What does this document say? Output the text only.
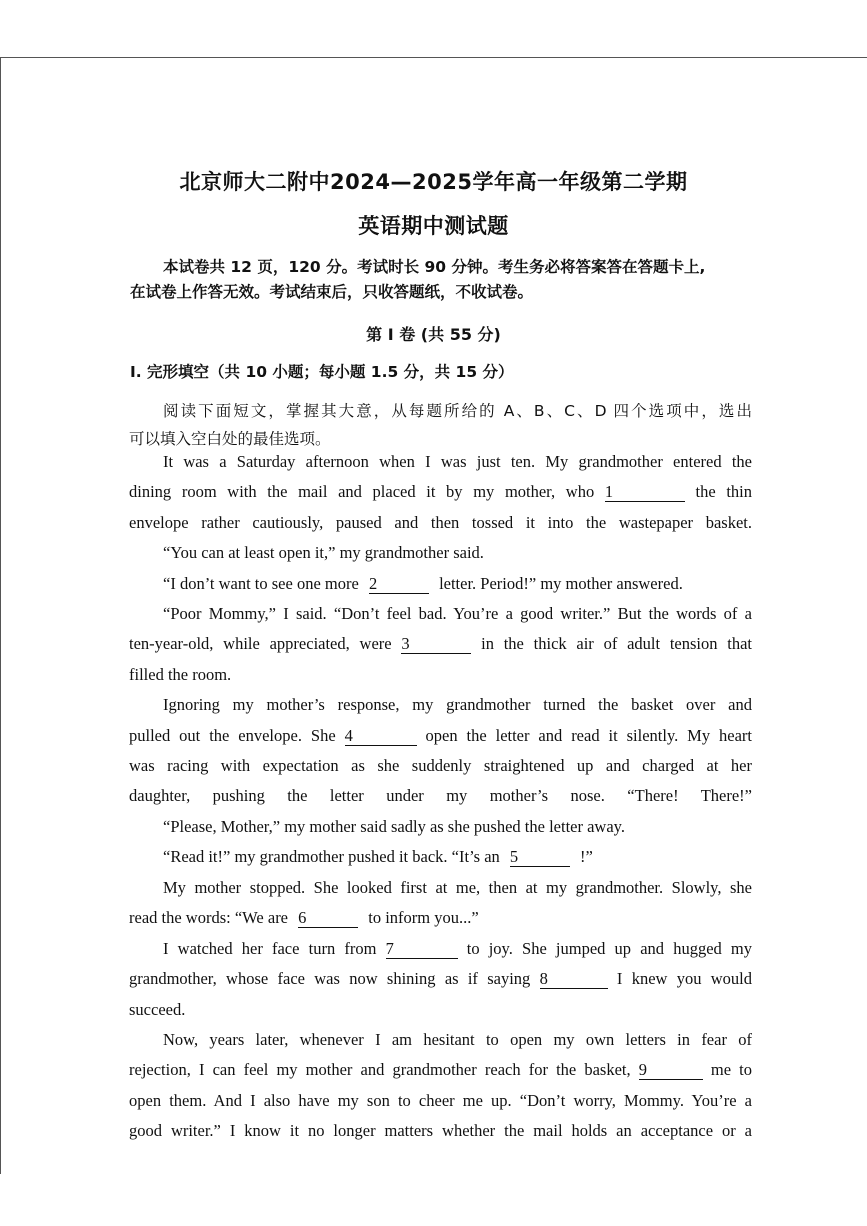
北京师大二附中2024—2025学年高一年级第二学期
英语期中测试题
本试卷共 12 页，120 分。考试时长 90 分钟。考生务必将答案答在答题卡上,
在试卷上作答无效。考试结束后，只收答题纸，不收试卷。
第 Ⅰ 卷 (共 55 分)
I. 完形填空（共 10 小题；每小题 1.5 分，共 15 分）
阅读下面短文，掌握其大意，从每题所给的 A、B、C、D 四个选项中，选出
可以填入空白处的最佳选项。
It was a Saturday afternoon when I was just ten. My grandmother entered the
dining room with the mail and placed it by my mother, who 1	the thin
envelope rather cautiously, paused and then tossed it into the wastepaper basket.
“You can at least open it,” my grandmother said.
“I don’t want to see one more 2	letter. Period!” my mother answered.
“Poor Mommy,” I said. “Don’t feel bad. You’re a good writer.” But the words of a
ten-year-old, while appreciated, were 3	in the thick air of adult tension that
filled the room.
Ignoring my mother’s response, my grandmother turned the basket over and
pulled out the envelope. She 4	open the letter and read it silently. My heart
was racing with expectation as she suddenly straightened up and charged at her
daughter, pushing the letter under my mother’s nose. “There! There!”
“Please, Mother,” my mother said sadly as she pushed the letter away.
“Read it!” my grandmother pushed it back. “It’s an 5	!”
My mother stopped. She looked first at me, then at my grandmother. Slowly, she
read the words: “We are 6	to inform you...”
I watched her face turn from 7	to joy. She jumped up and hugged my
grandmother, whose face was now shining as if saying 8	I knew you would
succeed.
Now, years later, whenever I am hesitant to open my own letters in fear of
rejection, I can feel my mother and grandmother reach for the basket, 9	me to
open them. And I also have my son to cheer me up. “Don’t worry, Mommy. You’re a
good writer.” I know it no longer matters whether the mail holds an acceptance or a
